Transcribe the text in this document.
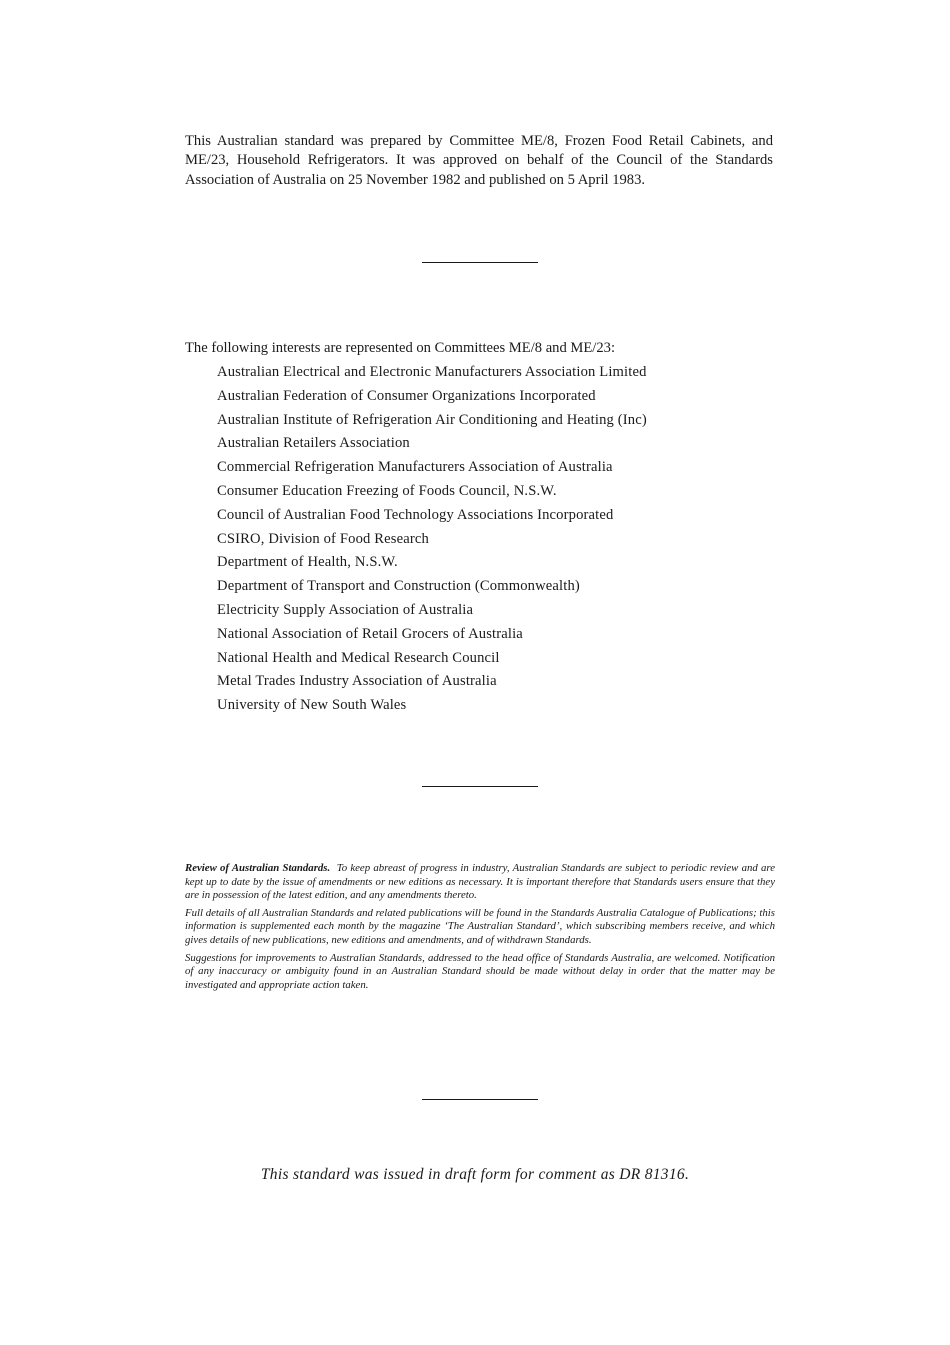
This Australian standard was prepared by Committee ME/8, Frozen Food Retail Cabinets, and ME/23, Household Refrigerators. It was approved on behalf of the Council of the Standards Association of Australia on 25 November 1982 and published on 5 April 1983.

The following interests are represented on Committees ME/8 and ME/23:

Australian Electrical and Electronic Manufacturers Association Limited
Australian Federation of Consumer Organizations Incorporated
Australian Institute of Refrigeration Air Conditioning and Heating (Inc)
Australian Retailers Association
Commercial Refrigeration Manufacturers Association of Australia
Consumer Education Freezing of Foods Council, N.S.W.
Council of Australian Food Technology Associations Incorporated
CSIRO, Division of Food Research
Department of Health, N.S.W.
Department of Transport and Construction (Commonwealth)
Electricity Supply Association of Australia
National Association of Retail Grocers of Australia
National Health and Medical Research Council
Metal Trades Industry Association of Australia
University of New South Wales

Review of Australian Standards. To keep abreast of progress in industry, Australian Standards are subject to periodic review and are kept up to date by the issue of amendments or new editions as necessary. It is important therefore that Standards users ensure that they are in possession of the latest edition, and any amendments thereto.

Full details of all Australian Standards and related publications will be found in the Standards Australia Catalogue of Publications; this information is supplemented each month by the magazine ‘The Australian Standard’, which subscribing members receive, and which gives details of new publications, new editions and amendments, and of withdrawn Standards.

Suggestions for improvements to Australian Standards, addressed to the head office of Standards Australia, are welcomed. Notification of any inaccuracy or ambiguity found in an Australian Standard should be made without delay in order that the matter may be investigated and appropriate action taken.

This standard was issued in draft form for comment as DR 81316.
